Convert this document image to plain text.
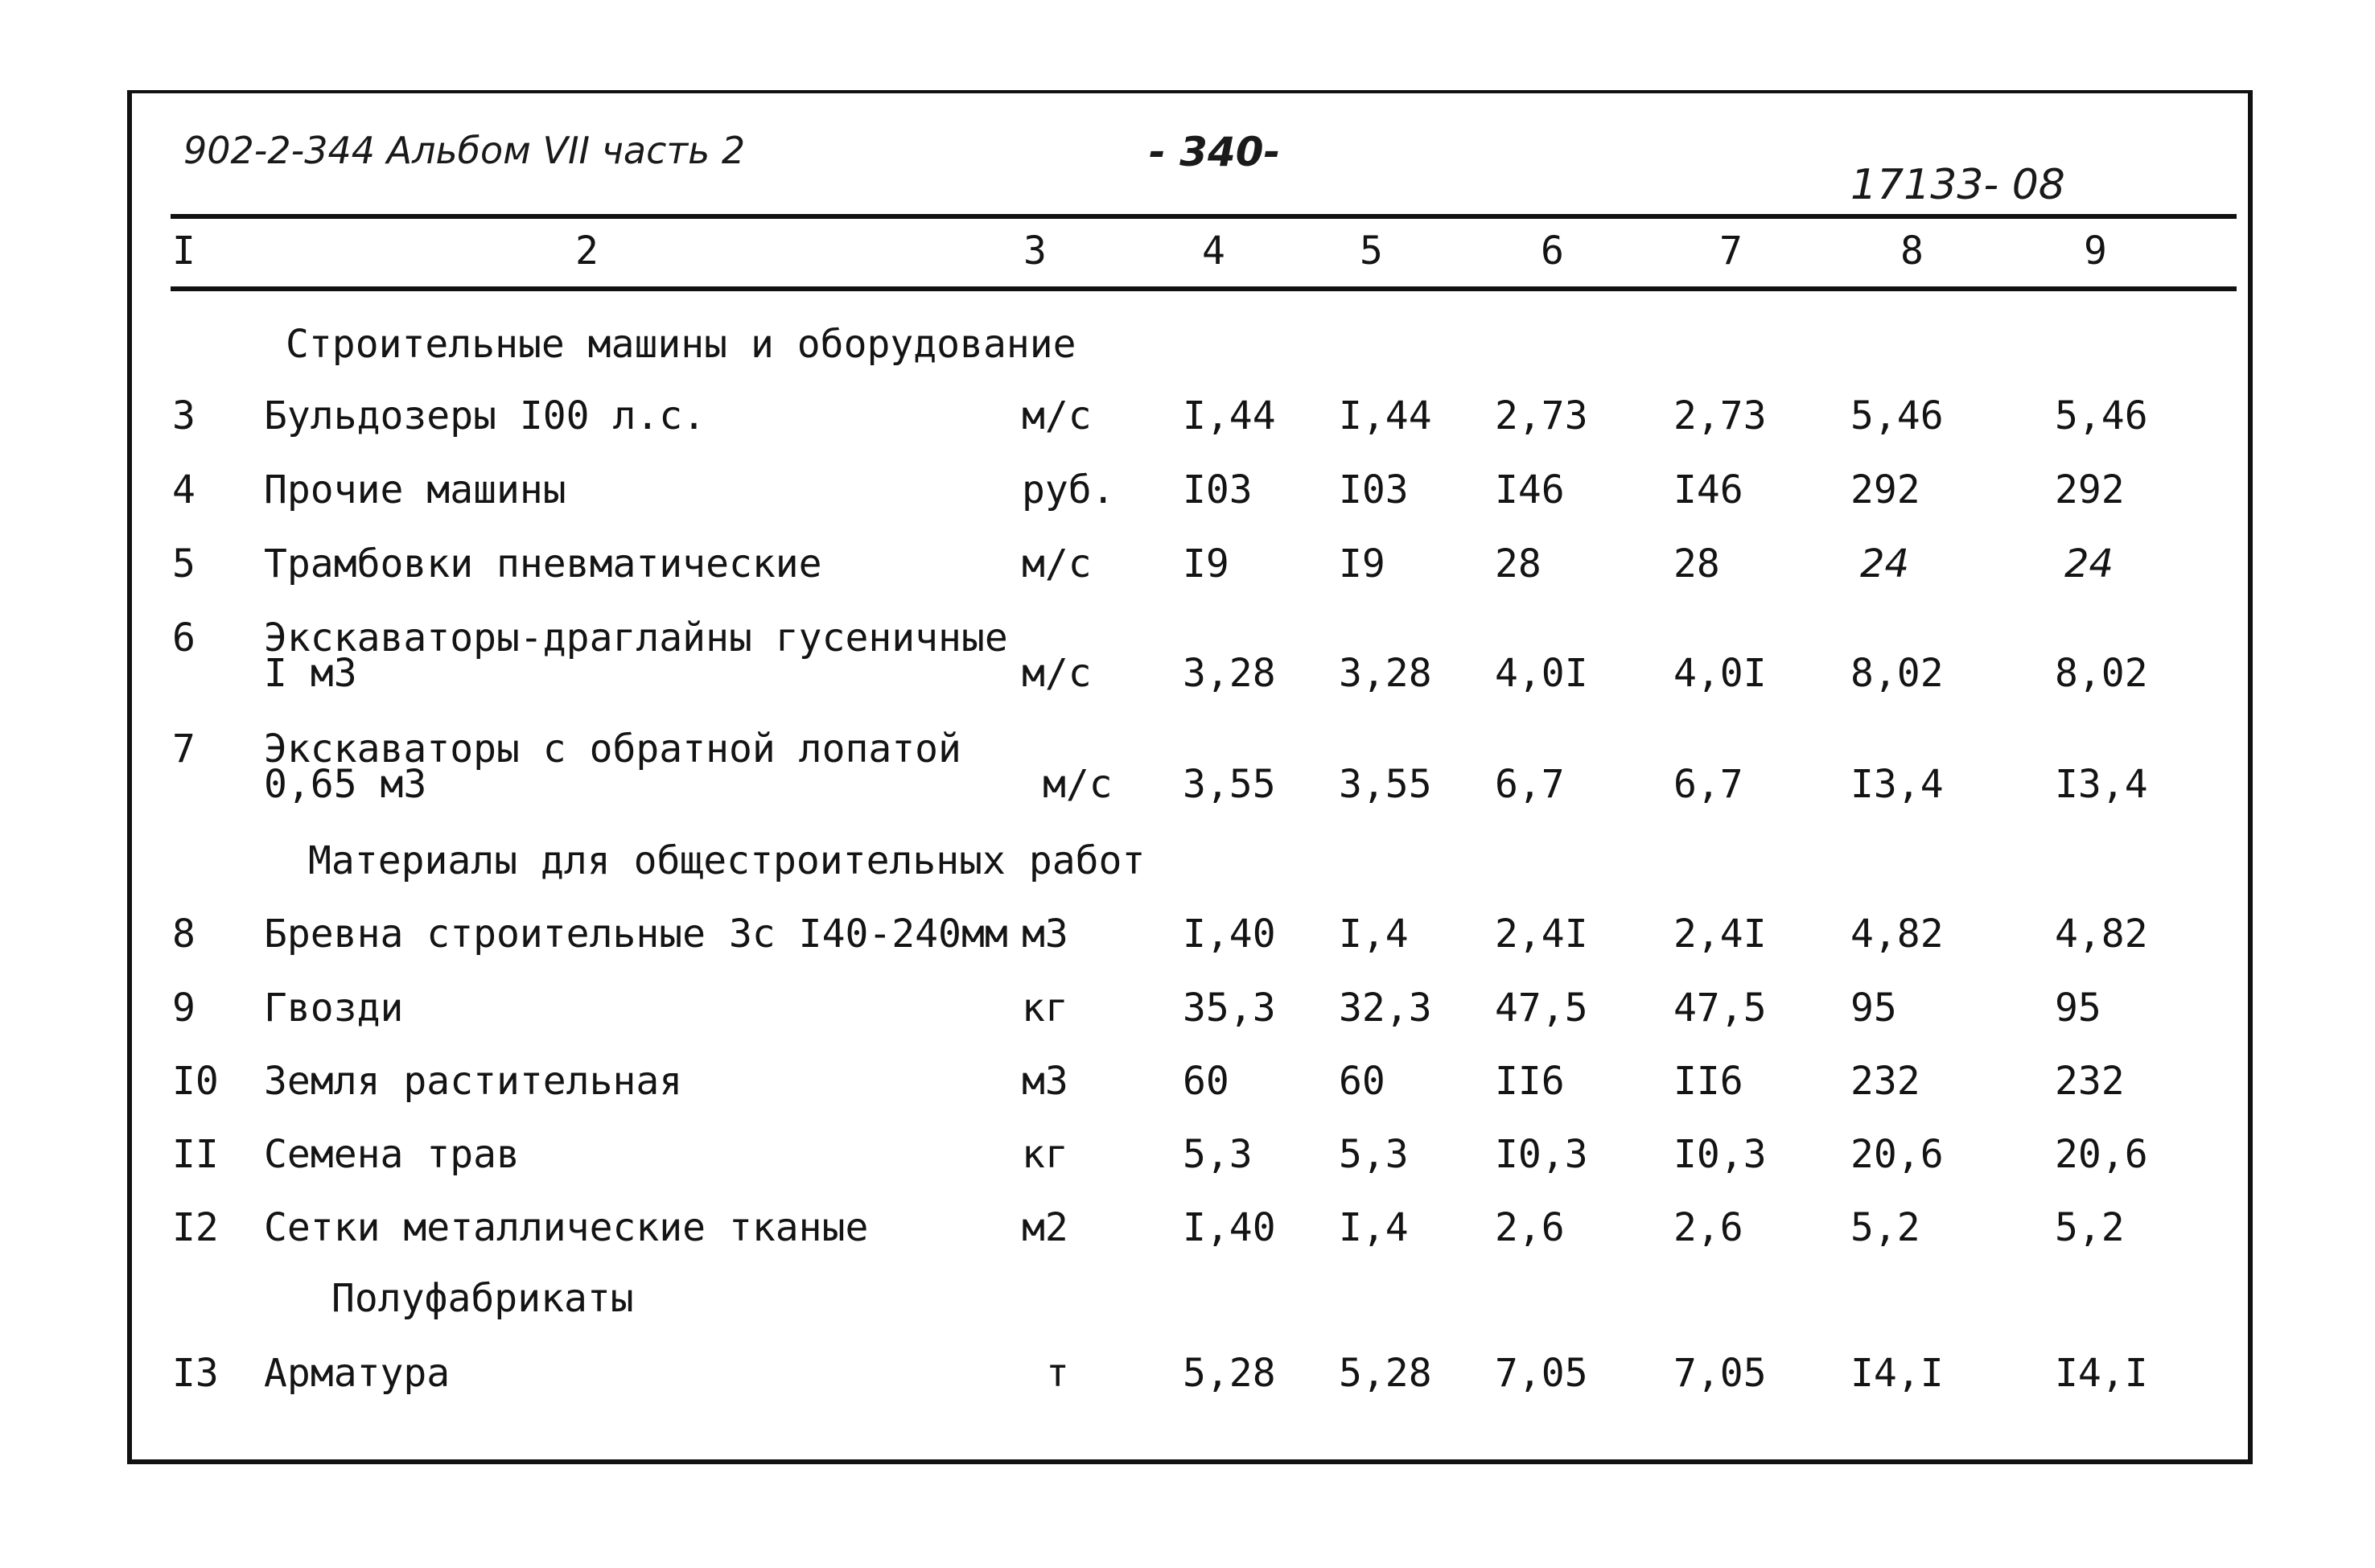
902-2-344 Альбом VII часть 2	- 340-
17133- 08
I	2	3	4	5	6	7	8	9
Строительные машины и оборудование
3 Бульдозеры I00 л.с.	м/с I,44 I,44 2,73 2,73 5,46	5,46
4 Прочие машины	руб. I03 I03 I46	I46	292	292
5 Трамбовки пневматические	м/с I9	I9	28	28	24	24
6 Экскаваторы-драглайны гусеничные
I м3	м/с 3,28 3,28 4,0I 4,0I 8,02	8,02
7 Экскаваторы с обратной лопатой
0,65 м3	м/с 3,55 3,55 6,7	6,7	I3,4	I3,4
Материалы для общестроительных работ
8 Бревна строительные 3с I40-240мм м3	I,40 I,4 2,4I 2,4I 4,82	4,82
9 Гвозди	кг	35,3 32,3 47,5 47,5 95	95
I0 Земля растительная	м3	60	60	II6	II6	232	232
II Семена трав	кг	5,3 5,3 I0,3 I0,3 20,6	20,6
I2 Сетки металлические тканые	м2	I,40 I,4 2,6	2,6	5,2	5,2
Полуфабрикаты
I3 Арматура	т	5,28 5,28 7,05 7,05 I4,I	I4,I
